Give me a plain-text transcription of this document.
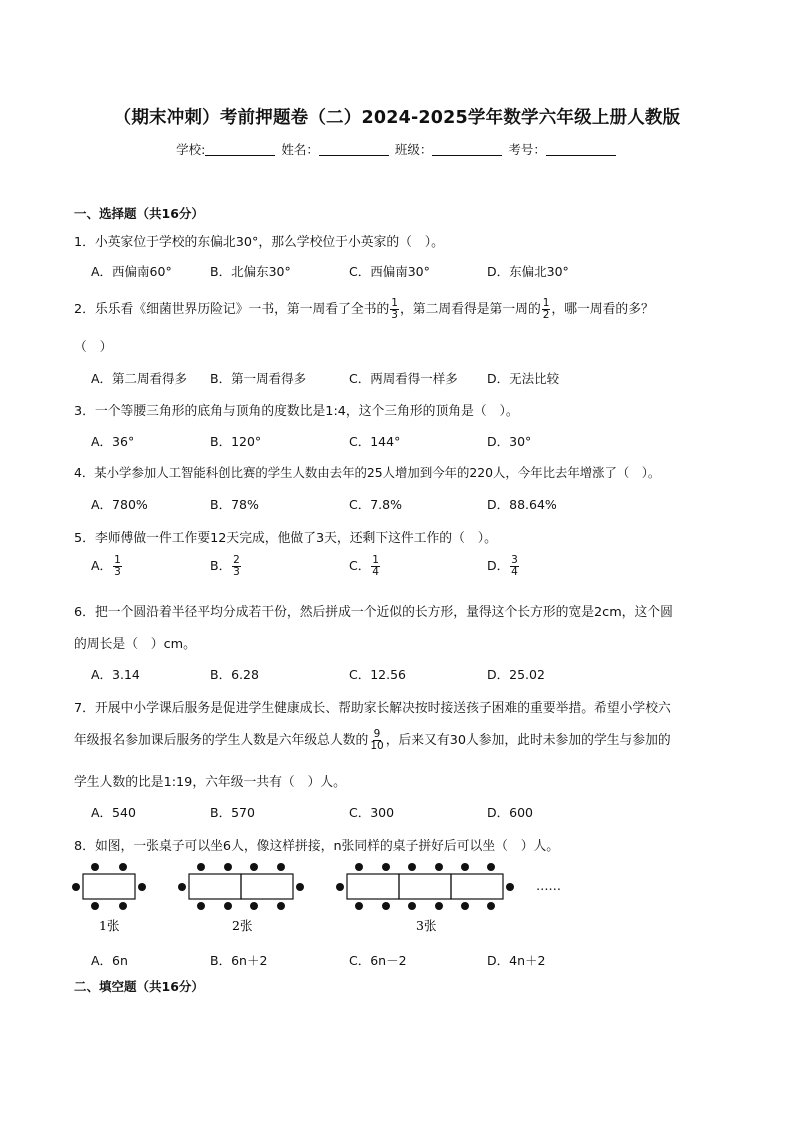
（期末冲刺）考前押题卷（二）2024-2025学年数学六年级上册人教版
学校:	姓名：	班级：	考号：
一、选择题（共16分）
1．小英家位于学校的东偏北30°，那么学校位于小英家的（　）。
A．西偏南60°	B．北偏东30°	C．西偏南30°	D．东偏北30°
2．乐乐看《细菌世界历险记》一书，第一周看了全书的 $\frac{1}{3}$ ，第二周看得是第一周的 $\frac{1}{2}$ ，哪一周看的多？
（　）
A．第二周看得多 B．第一周看得多	C．两周看得一样多 D．无法比较
3．一个等腰三角形的底角与顶角的度数比是1:4，这个三角形的顶角是（　）。
A．36°	B．120°	C．144°	D．30°
4．某小学参加人工智能科创比赛的学生人数由去年的25人增加到今年的220人，今年比去年增涨了（　）。
A．780%	B．78%	C．7.8%	D．88.64%
5．李师傅做一件工作要12天完成，他做了3天，还剩下这件工作的（　）。
A． $\frac{1}{3}$	B． $\frac{2}{3}$	C． $\frac{1}{4}$	D． $\frac{3}{4}$
6．把一个圆沿着半径平均分成若干份，然后拼成一个近似的长方形，量得这个长方形的宽是2cm，这个圆
的周长是（　）cm。
A．3.14	B．6.28	C．12.56	D．25.02
7．开展中小学课后服务是促进学生健康成长、帮助家长解决按时接送孩子困难的重要举措。希望小学校六
年级报名参加课后服务的学生人数是六年级总人数的 $\frac{9}{10}$ ，后来又有30人参加，此时未参加的学生与参加的
学生人数的比是1:19，六年级一共有（　）人。
A．540	B．570	C．300	D．600
8．如图，一张桌子可以坐6人，像这样拼接，n张同样的桌子拼好后可以坐（　）人。
1张	2张	3张
……
A．6n	B．6n＋2	C．6n－2	D．4n＋2
二、填空题（共16分）
